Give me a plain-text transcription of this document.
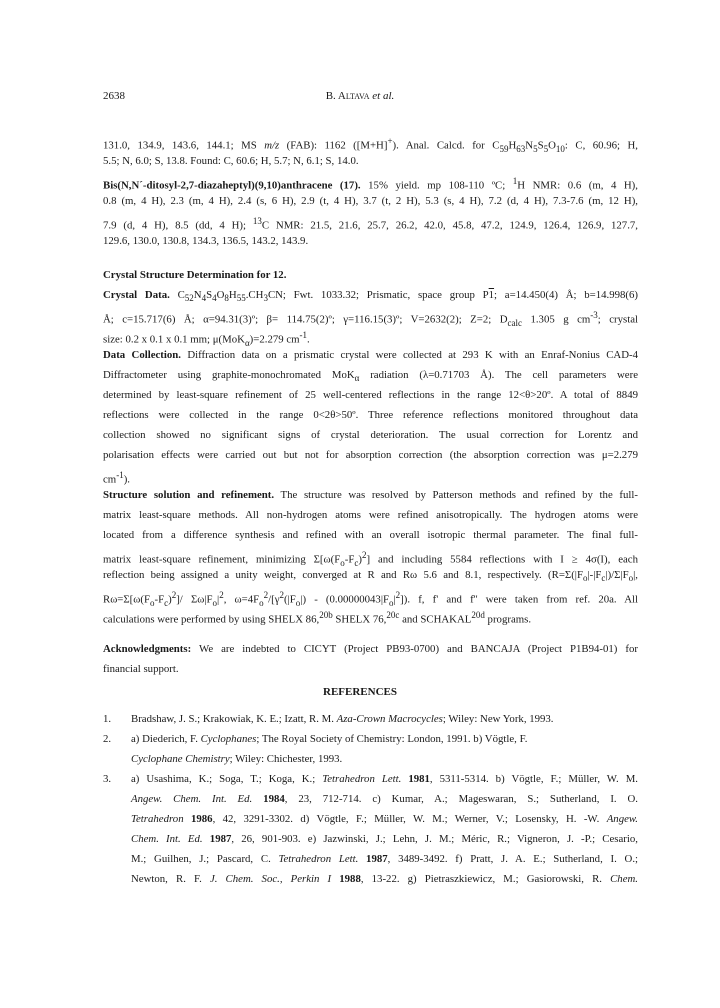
2638	B. Altava et al.
131.0, 134.9, 143.6, 144.1; MS m/z (FAB): 1162 ([M+H]+). Anal. Calcd. for $C_{59}H_{63}N_5S_5O_{10}$: C, 60.96; H,
5.5; N, 6.0; S, 13.8. Found: C, 60.6; H, 5.7; N, 6.1; S, 14.0.
Bis(N,N´-ditosyl-2,7-diazaheptyl)(9,10)anthracene (17). 15% yield. mp 108-110 ºC; $^1$H NMR: 0.6 (m, 4 H),
0.8 (m, 4 H), 2.3 (m, 4 H), 2.4 (s, 6 H), 2.9 (t, 4 H), 3.7 (t, 2 H), 5.3 (s, 4 H), 7.2 (d, 4 H), 7.3-7.6 (m, 12 H),
7.9 (d, 4 H), 8.5 (dd, 4 H); $^{13}$C NMR: 21.5, 21.6, 25.7, 26.2, 42.0, 45.8, 47.2, 124.9, 126.4, 126.9, 127.7,
129.6, 130.0, 130.8, 134.3, 136.5, 143.2, 143.9.
Crystal Structure Determination for 12.
Crystal Data. $C_{52}N_4S_4O_8H_{55}.CH_3CN$; Fwt. 1033.32; Prismatic, space group P1; a=14.450(4) Å; b=14.998(6)
Å; c=15.717(6) Å; α=94.31(3)º; β= 114.75(2)º; γ=116.15(3)º; V=2632(2); Z=2; $D_{calc}$ 1.305 g $cm^{-3}$; crystal
size: 0.2 x 0.1 x 0.1 mm; μ(MoK$_\alpha$)=2.279 $cm^{-1}$.
Data Collection. Diffraction data on a prismatic crystal were collected at 293 K with an Enraf-Nonius CAD-4
Diffractometer using graphite-monochromated MoK$_\alpha$ radiation (λ=0.71703 Å). The cell parameters were
determined by least-square refinement of 25 well-centered reflections in the range 12<θ>20º. A total of 8849
reflections were collected in the range 0<2θ>50º. Three reference reflections monitored throughout data
collection showed no significant signs of crystal deterioration. The usual correction for Lorentz and
polarisation effects were carried out but not for absorption correction (the absorption correction was μ=2.279
$cm^{-1}$).
Structure solution and refinement. The structure was resolved by Patterson methods and refined by the full-
matrix least-square methods. All non-hydrogen atoms were refined anisotropically. The hydrogen atoms were
located from a difference synthesis and refined with an overall isotropic thermal parameter. The final full-
matrix least-square refinement, minimizing $\Sigma[\omega(F_o-F_c)^2]$ and including 5584 reflections with I ≥ 4σ(I), each
reflection being assigned a unity weight, converged at R and Rω 5.6 and 8.1, respectively. ($R=\Sigma(|F_o|-|F_c|)/\Sigma|F_o|$,
$R\omega=\Sigma[\omega(F_o-F_c)^2]/$ $\Sigma\omega|F_o|^2$, $\omega=4F_o^2/[\gamma^2(|F_o|) - (0.00000043|F_o|^2])$. f, f' and f'' were taken from ref. 20a. All
calculations were performed by using SHELX 86,$^{20b}$ SHELX 76,$^{20c}$ and $SCHAKAL^{20d}$ programs.
Acknowledgments: We are indebted to CICYT (Project PB93-0700) and BANCAJA (Project P1B94-01) for
financial support.
REFERENCES
1. Bradshaw, J. S.; Krakowiak, K. E.; Izatt, R. M. Aza-Crown Macrocycles; Wiley: New York, 1993.
2. a) Diederich, F. Cyclophanes; The Royal Society of Chemistry: London, 1991. b) Vögtle, F.
Cyclophane Chemistry; Wiley: Chichester, 1993.
3. a) Usashima, K.; Soga, T.; Koga, K.; Tetrahedron Lett. 1981, 5311-5314. b) Vögtle, F.; Müller, W. M.
Angew. Chem. Int. Ed. 1984, 23, 712-714. c) Kumar, A.; Mageswaran, S.; Sutherland, I. O.
Tetrahedron 1986, 42, 3291-3302. d) Vögtle, F.; Müller, W. M.; Werner, V.; Losensky, H. -W. Angew.
Chem. Int. Ed. 1987, 26, 901-903. e) Jazwinski, J.; Lehn, J. M.; Méric, R.; Vigneron, J. -P.; Cesario,
M.; Guilhen, J.; Pascard, C. Tetrahedron Lett. 1987, 3489-3492. f) Pratt, J. A. E.; Sutherland, I. O.;
Newton, R. F. J. Chem. Soc., Perkin I 1988, 13-22. g) Pietraszkiewicz, M.; Gasiorowski, R. Chem.
